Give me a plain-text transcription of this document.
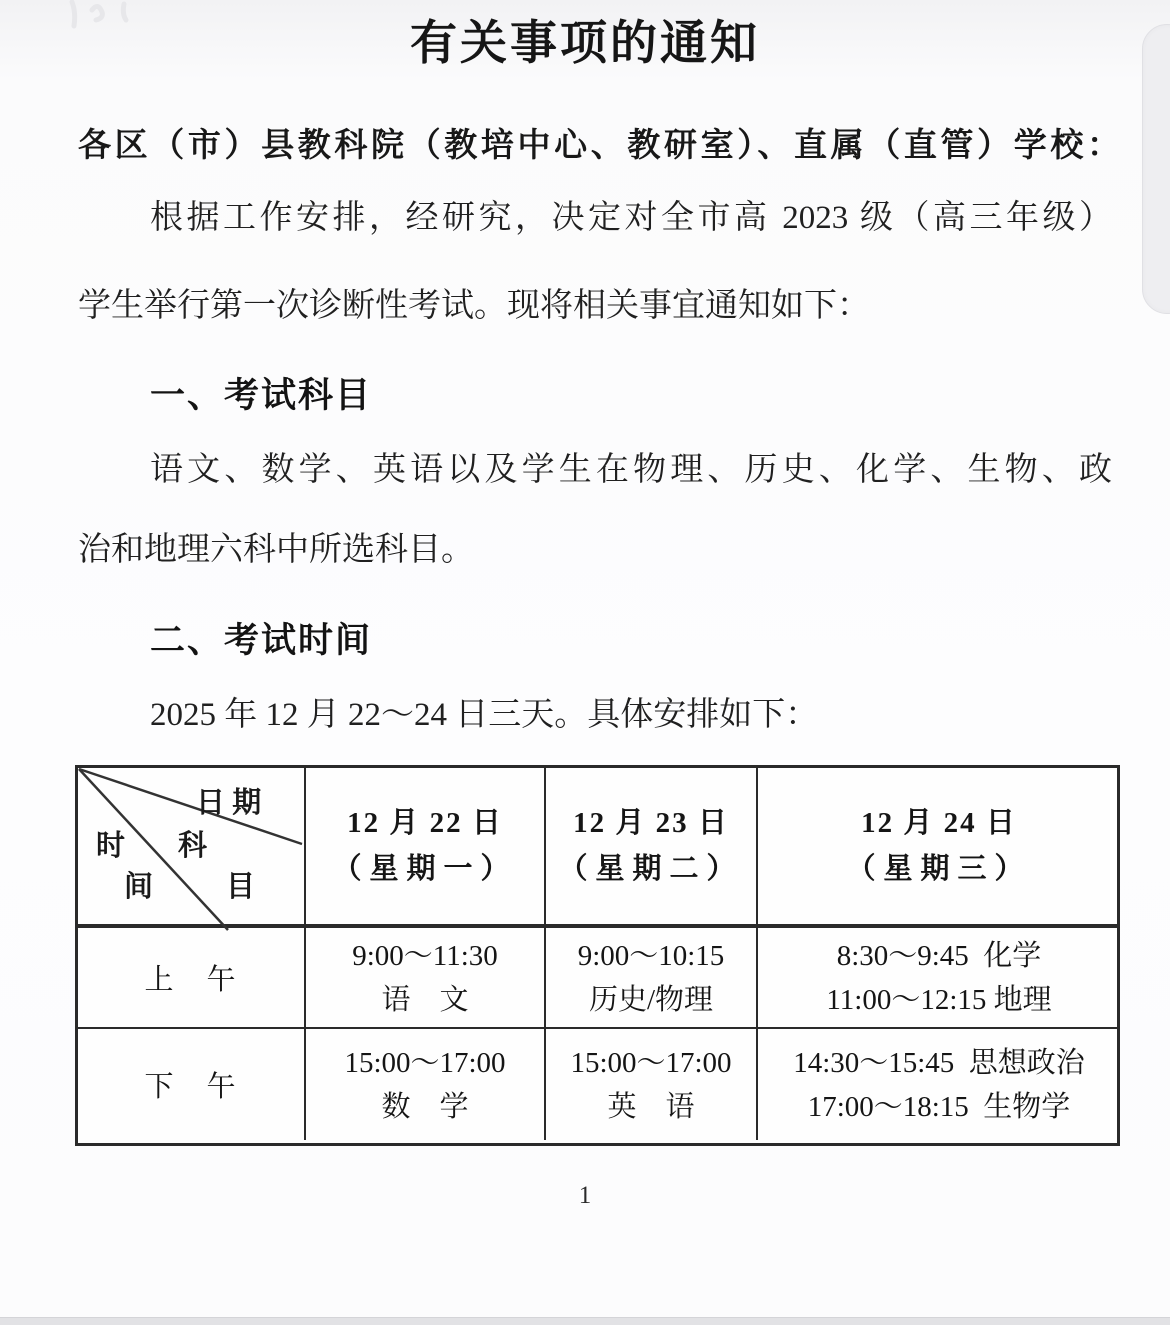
有关事项的通知
各区（市）县教科院（教培中心、教研室）、直属（直管）学校：
根据工作安排，经研究，决定对全市高 2023 级（高三年级）
学生举行第一次诊断性考试。现将相关事宜通知如下：
一、考试科目
语文、数学、英语以及学生在物理、历史、化学、生物、政
治和地理六科中所选科目。
二、考试时间
2025 年 12 月 22～24 日三天。具体安排如下：

日 期

时

间

科

目

12 月 22 日
（星期一）
12 月 23 日
（星期二）
12 月 24 日
（星期三）
上　午
9:00～11:30
语　文
9:00～10:15
历史/物理
8:30～9:45  化学
11:00～12:15 地理
下　午
15:00～17:00
数　学
15:00～17:00
英　语
14:30～15:45  思想政治
17:00～18:15  生物学
1
